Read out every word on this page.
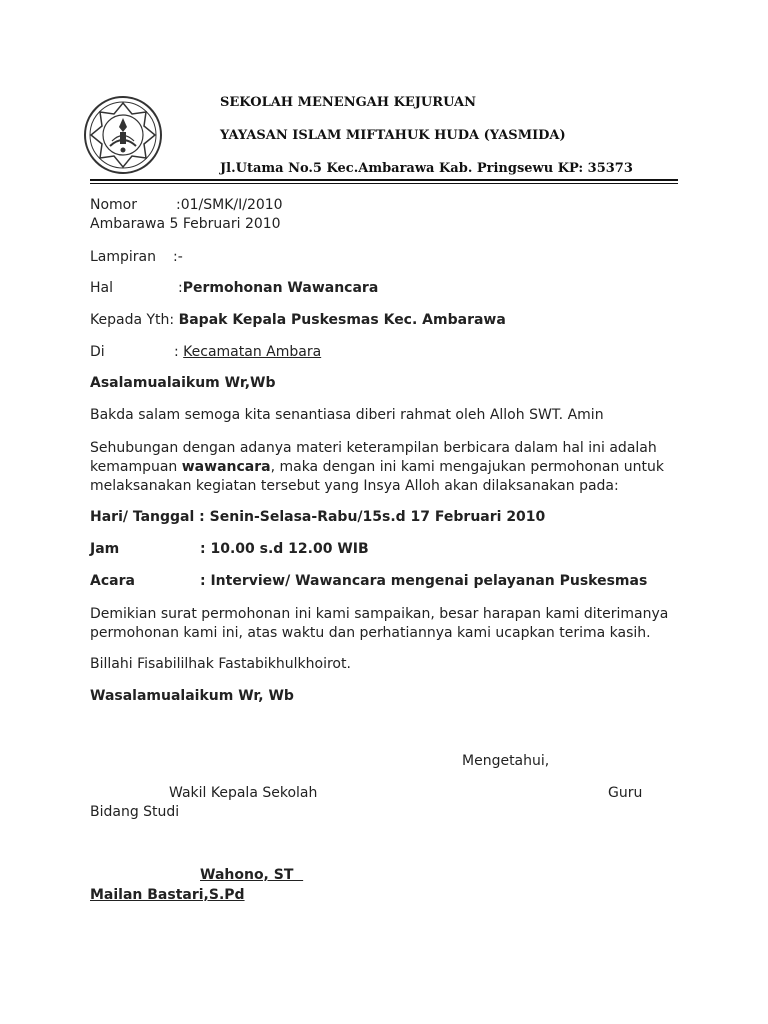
SEKOLAH MENENGAH KEJURUAN
YAYASAN ISLAM MIFTAHUK HUDA (YASMIDA)
Jl.Utama No.5 Kec.Ambarawa Kab. Pringsewu KP: 35373
Nomor	:01/SMK/I/2010
Ambarawa 5 Februari 2010
Lampiran :-
Hal	:Permohonan Wawancara
Kepada Yth: Bapak Kepala Puskesmas Kec. Ambarawa
Di	: Kecamatan Ambara
Asalamualaikum Wr,Wb
Bakda salam semoga kita senantiasa diberi rahmat oleh Alloh SWT. Amin

Sehubungan dengan adanya materi keterampilan berbicara dalam hal ini adalah kemampuan wawancara, maka dengan ini kami mengajukan permohonan untuk melaksanakan kegiatan tersebut yang Insya Alloh akan dilaksanakan pada:

Hari/ Tanggal : Senin-Selasa-Rabu/15s.d 17 Februari 2010
Jam	: 10.00 s.d 12.00 WIB
Acara	: Interview/ Wawancara mengenai pelayanan Puskesmas

Demikian surat permohonan ini kami sampaikan, besar harapan kami diterimanya permohonan kami ini, atas waktu dan perhatiannya kami ucapkan terima kasih.

Billahi Fisabililhak Fastabikhulkhoirot.
Wasalamualaikum Wr, Wb
Mengetahui,
Wakil Kepala Sekolah	Guru
Bidang Studi
Wahono, ST
Mailan Bastari,S.Pd
